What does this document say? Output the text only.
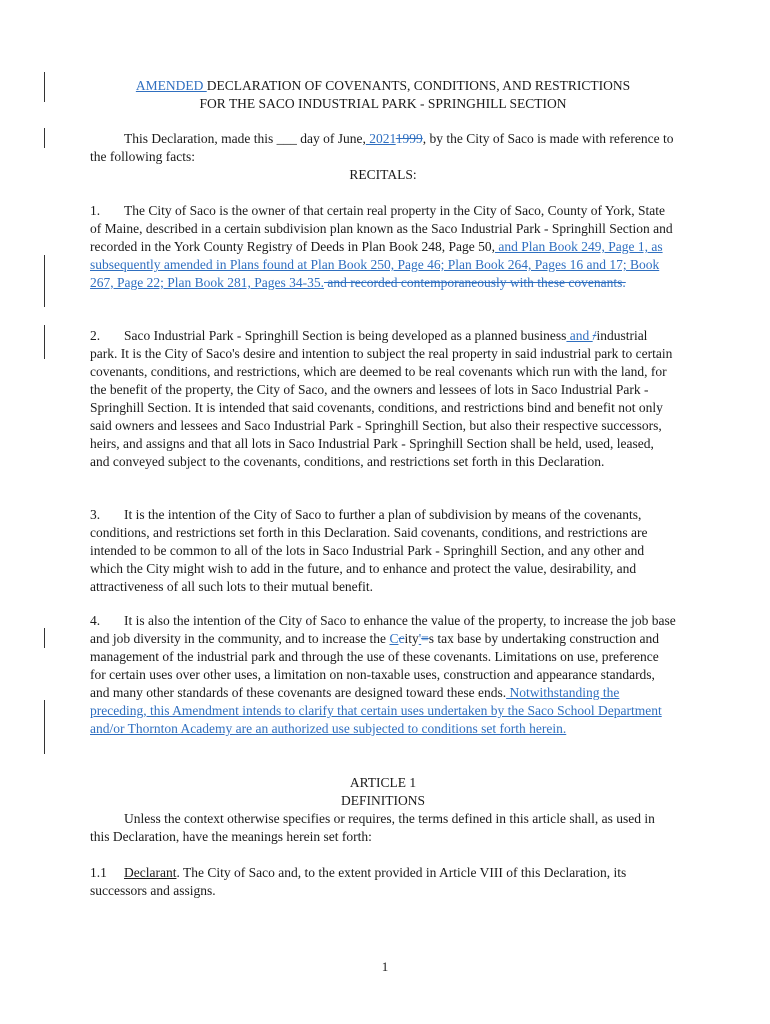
AMENDED DECLARATION OF COVENANTS, CONDITIONS, AND RESTRICTIONS
FOR THE SACO INDUSTRIAL PARK - SPRINGHILL SECTION

This Declaration, made this ___ day of June, 20211999, by the City of Saco is made with reference to the following facts:

RECITALS:

1. The City of Saco is the owner of that certain real property in the City of Saco, County of York, State of Maine, described in a certain subdivision plan known as the Saco Industrial Park - Springhill Section and recorded in the York County Registry of Deeds in Plan Book 248, Page 50, and Plan Book 249, Page 1, as subsequently amended in Plans found at Plan Book 250, Page 46; Plan Book 264, Pages 16 and 17; Book 267, Page 22; Plan Book 281, Pages 34-35. and recorded contemporaneously with these covenants.

2. Saco Industrial Park - Springhill Section is being developed as a planned business and /industrial park. It is the City of Saco's desire and intention to subject the real property in said industrial park to certain covenants, conditions, and restrictions, which are deemed to be real covenants which run with the land, for the benefit of the property, the City of Saco, and the owners and lessees of lots in Saco Industrial Park - Springhill Section. It is intended that said covenants, conditions, and restrictions bind and benefit not only said owners and lessees and Saco Industrial Park - Springhill Section, but also their respective successors, heirs, and assigns and that all lots in Saco Industrial Park - Springhill Section shall be held, used, leased, and conveyed subject to the covenants, conditions, and restrictions set forth in this Declaration.

3. It is the intention of the City of Saco to further a plan of subdivision by means of the covenants, conditions, and restrictions set forth in this Declaration. Said covenants, conditions, and restrictions are intended to be common to all of the lots in Saco Industrial Park - Springhill Section, and any other and which the City might wish to add in the future, and to enhance and protect the value, desirability, and attractiveness of all such lots to their mutual benefit.

4. It is also the intention of the City of Saco to enhance the value of the property, to increase the job base and job diversity in the community, and to increase the Ccity'=s tax base by undertaking construction and management of the industrial park and through the use of these covenants. Limitations on use, preference for certain uses over other uses, a limitation on non-taxable uses, construction and appearance standards, and many other standards of these covenants are designed toward these ends. Notwithstanding the preceding, this Amendment intends to clarify that certain uses undertaken by the Saco School Department and/or Thornton Academy are an authorized use subjected to conditions set forth herein.

ARTICLE 1
DEFINITIONS

Unless the context otherwise specifies or requires, the terms defined in this article shall, as used in this Declaration, have the meanings herein set forth:

1.1 Declarant. The City of Saco and, to the extent provided in Article VIII of this Declaration, its successors and assigns.

1
